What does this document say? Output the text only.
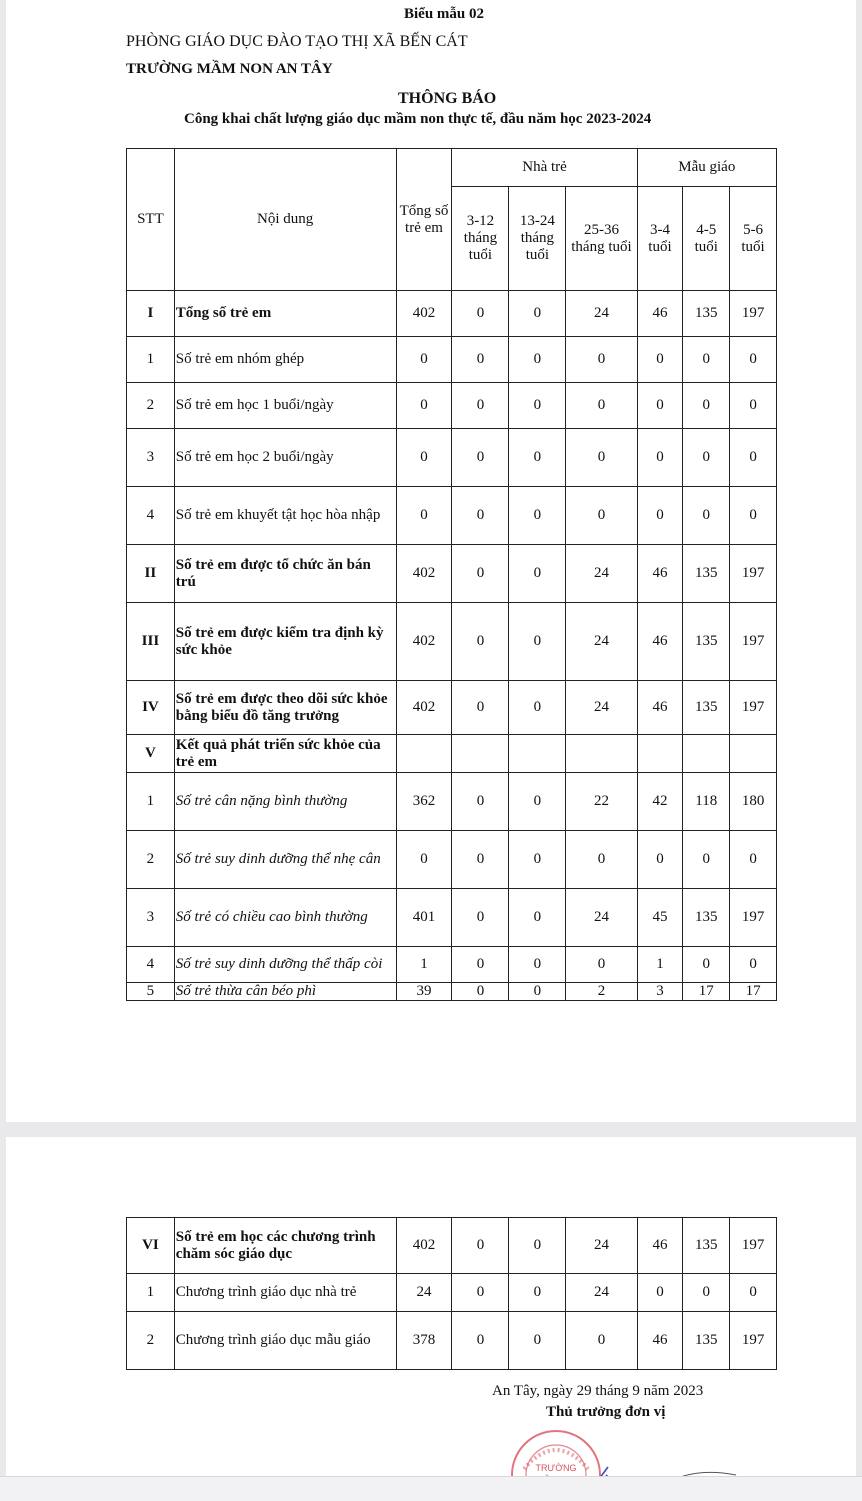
Biểu mẫu 02
PHÒNG GIÁO DỤC ĐÀO TẠO THỊ XÃ BẾN CÁT
TRƯỜNG MẦM NON AN TÂY
THÔNG BÁO
Công khai chất lượng giáo dục mầm non thực tế, đầu năm học 2023-2024
STT	Nội dung	Tổng số trẻ em	Nhà trẻ			Mẫu giáo		
			3-12 tháng tuổi	13-24 tháng tuổi	25-36 tháng tuổi	3-4 tuổi	4-5 tuổi	5-6 tuổi
I	Tổng số trẻ em	402	0	0	24	46	135	197
1	Số trẻ em nhóm ghép	0	0	0	0	0	0	0
2	Số trẻ em học 1 buổi/ngày	0	0	0	0	0	0	0
3	Số trẻ em học 2 buổi/ngày	0	0	0	0	0	0	0
4	Số trẻ em khuyết tật học hòa nhập	0	0	0	0	0	0	0
II	Số trẻ em được tổ chức ăn bán trú	402	0	0	24	46	135	197
III	Số trẻ em được kiểm tra định kỳ sức khỏe	402	0	0	24	46	135	197
IV	Số trẻ em được theo dõi sức khỏe bằng biểu đồ tăng trưởng	402	0	0	24	46	135	197
V	Kết quả phát triển sức khỏe của trẻ em							
1	Số trẻ cân nặng bình thường	362	0	0	22	42	118	180
2	Số trẻ suy dinh dưỡng thể nhẹ cân	0	0	0	0	0	0	0
3	Số trẻ có chiều cao bình thường	401	0	0	24	45	135	197
4	Số trẻ suy dinh dưỡng thể thấp còi	1	0	0	0	1	0	0
5	Số trẻ thừa cân béo phì	39	0	0	2	3	17	17
VI	Số trẻ em học các chương trình chăm sóc giáo dục	402	0	0	24	46	135	197
1	Chương trình giáo dục nhà trẻ	24	0	0	24	0	0	0
2	Chương trình giáo dục mẫu giáo	378	0	0	0	46	135	197
An Tây, ngày 29 tháng 9 năm 2023
Thủ trưởng đơn vị
TRƯỜNG
